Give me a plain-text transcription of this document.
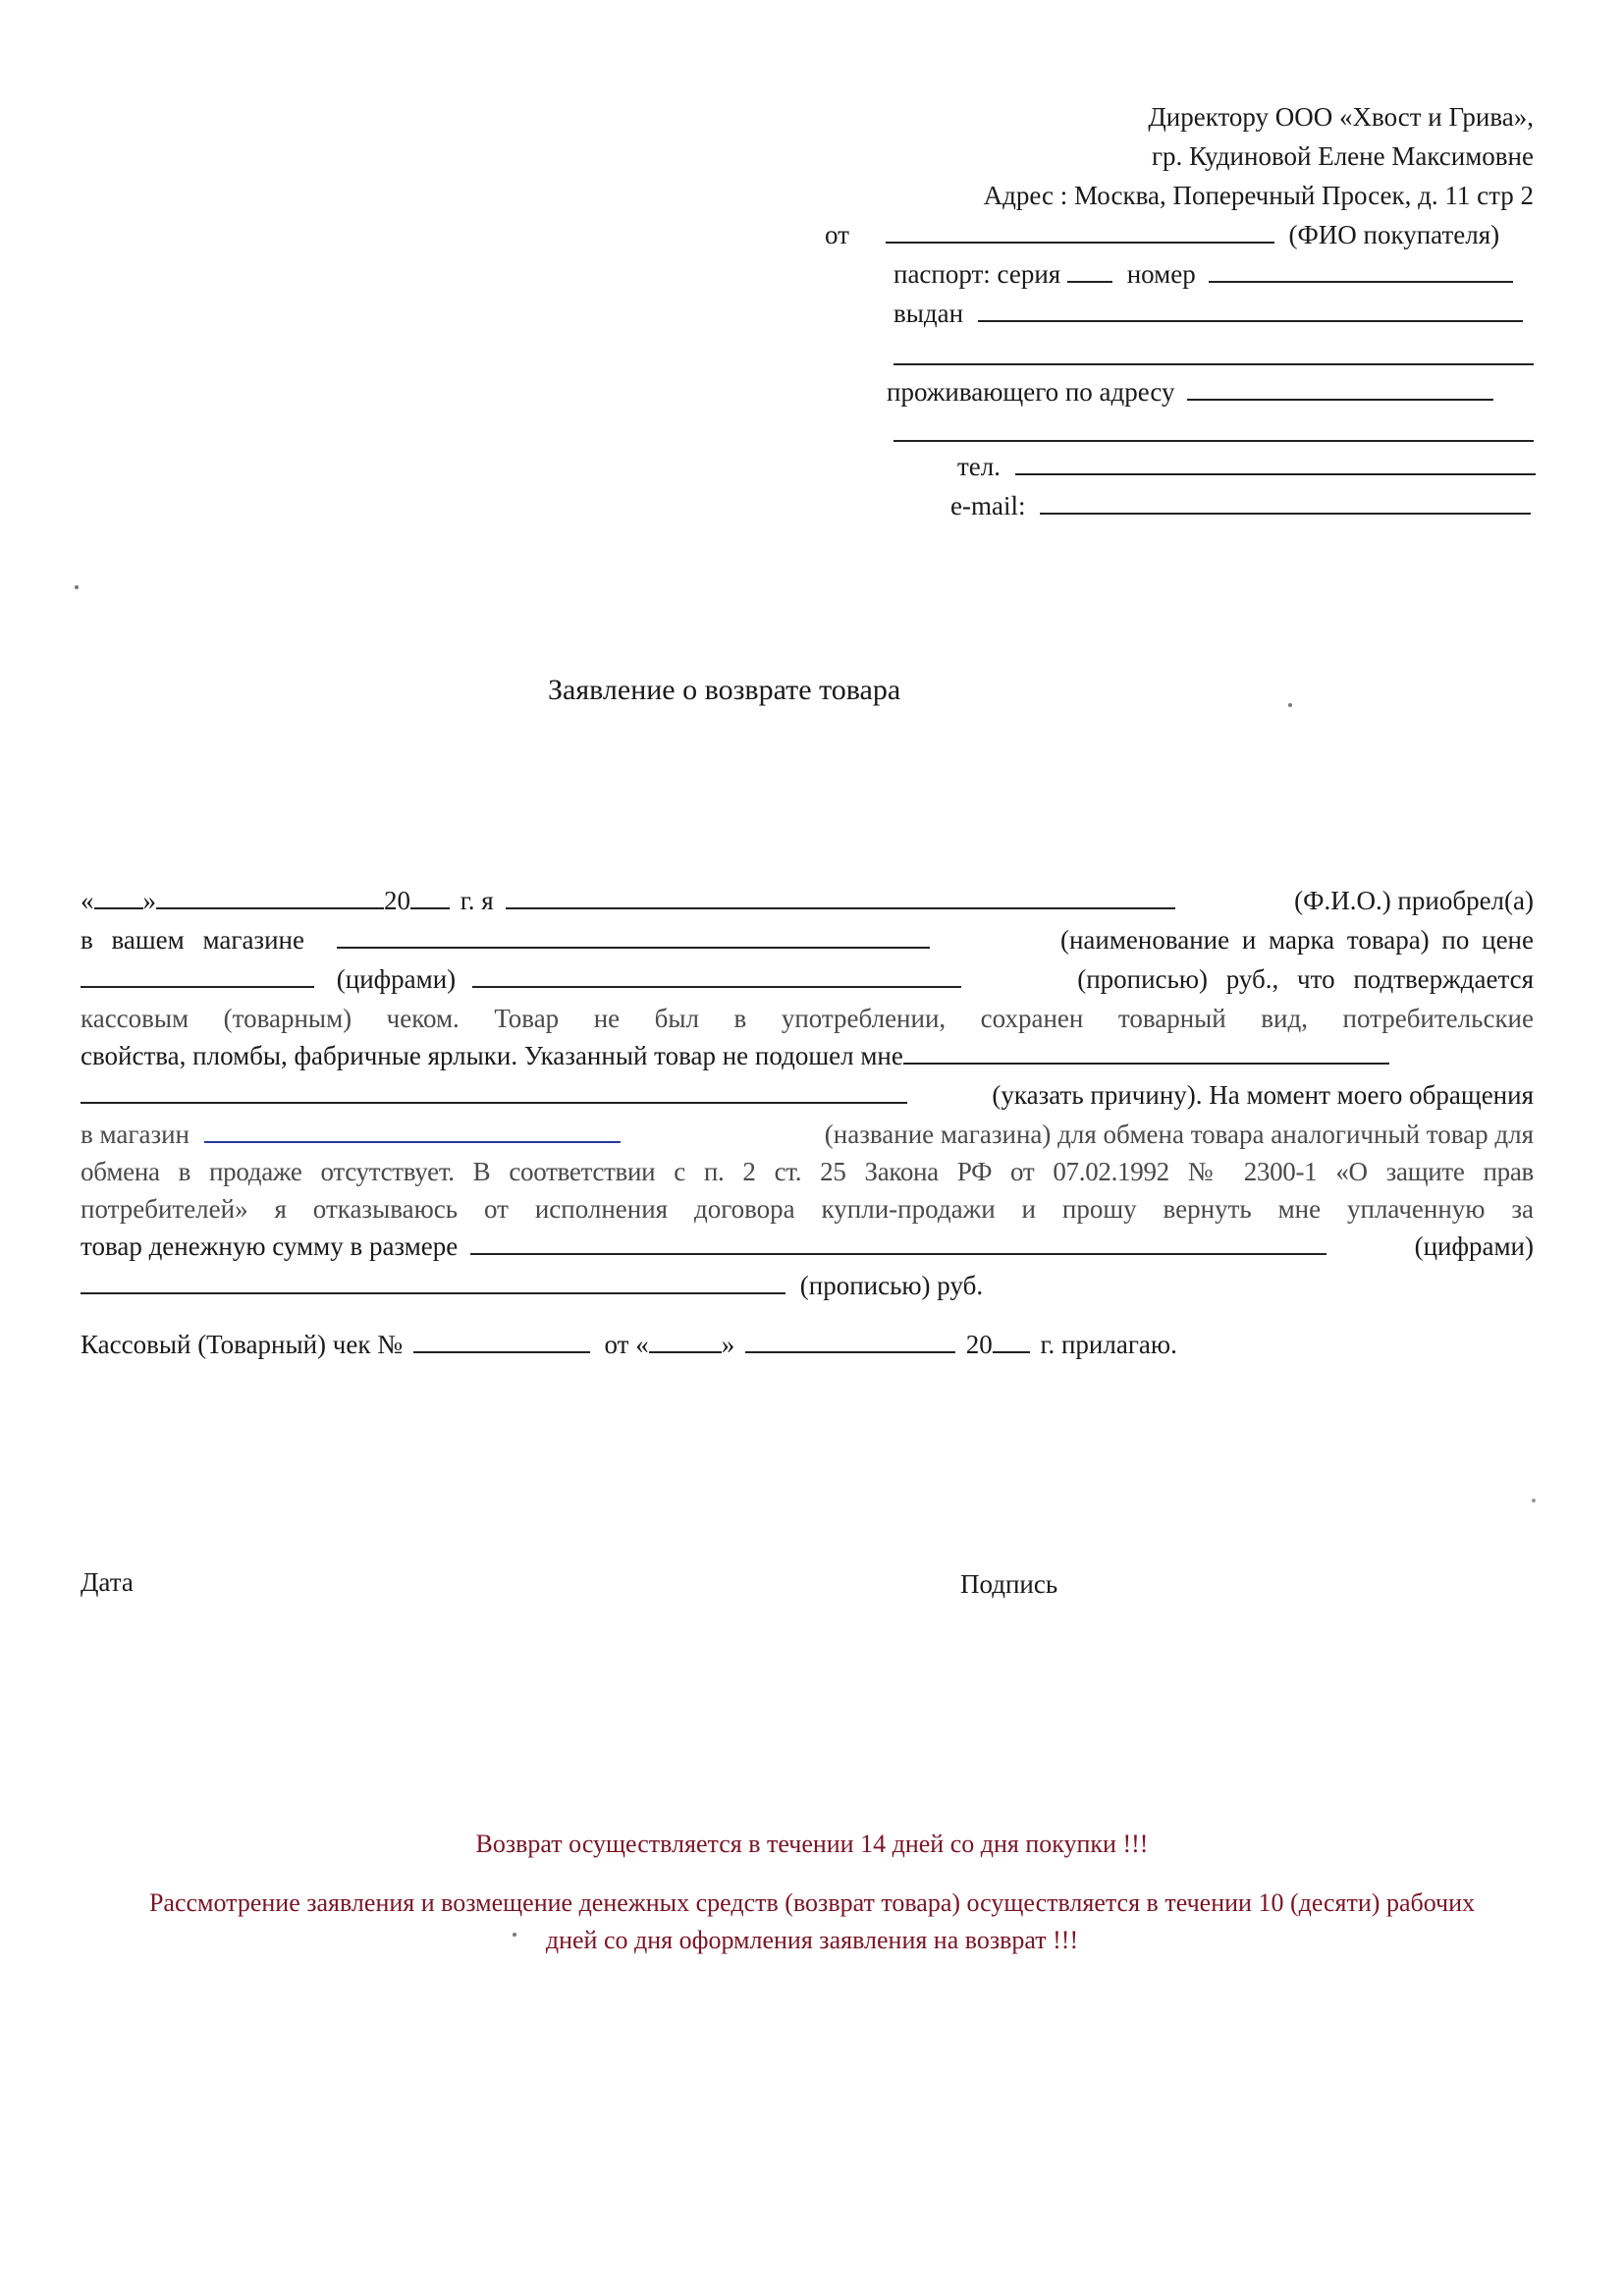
Директору ООО «Хвост и Грива»,
гр. Кудиновой Елене Максимовне
Адрес : Москва, Поперечный Просек, д. 11 стр 2
от	(ФИО покупателя)
паспорт: серия	номер
выдан
проживающего по адресу
тел.
e-mail:
Заявление о возврате товара
« »	20 г. я	(Ф.И.О.) приобрел(а)
в вашем магазине	(наименование и марка товара) по цене
(цифрами)	(прописью) руб., что подтверждается
кассовым (товарным) чеком. Товар не был в употреблении, сохранен товарный вид, потребительские
свойства, пломбы, фабричные ярлыки. Указанный товар не подошел мне
(указать причину). На момент моего обращения
в магазин	(название магазина) для обмена товара аналогичный товар для
обмена в продаже отсутствует. В соответствии с п. 2 ст. 25 Закона РФ от 07.02.1992 № 2300-1 «О защите прав
потребителей» я отказываюсь от исполнения договора купли-продажи и прошу вернуть мне уплаченную за
товар денежную сумму в размере	(цифрами)
(прописью) руб.
Кассовый (Товарный) чек №	от «	»	20 г. прилагаю.
Дата	Подпись
Возврат осуществляется в течении 14 дней со дня покупки !!!
Рассмотрение заявления и возмещение денежных средств (возврат товара) осуществляется в течении 10 (десяти) рабочих
дней со дня оформления заявления на возврат !!!
